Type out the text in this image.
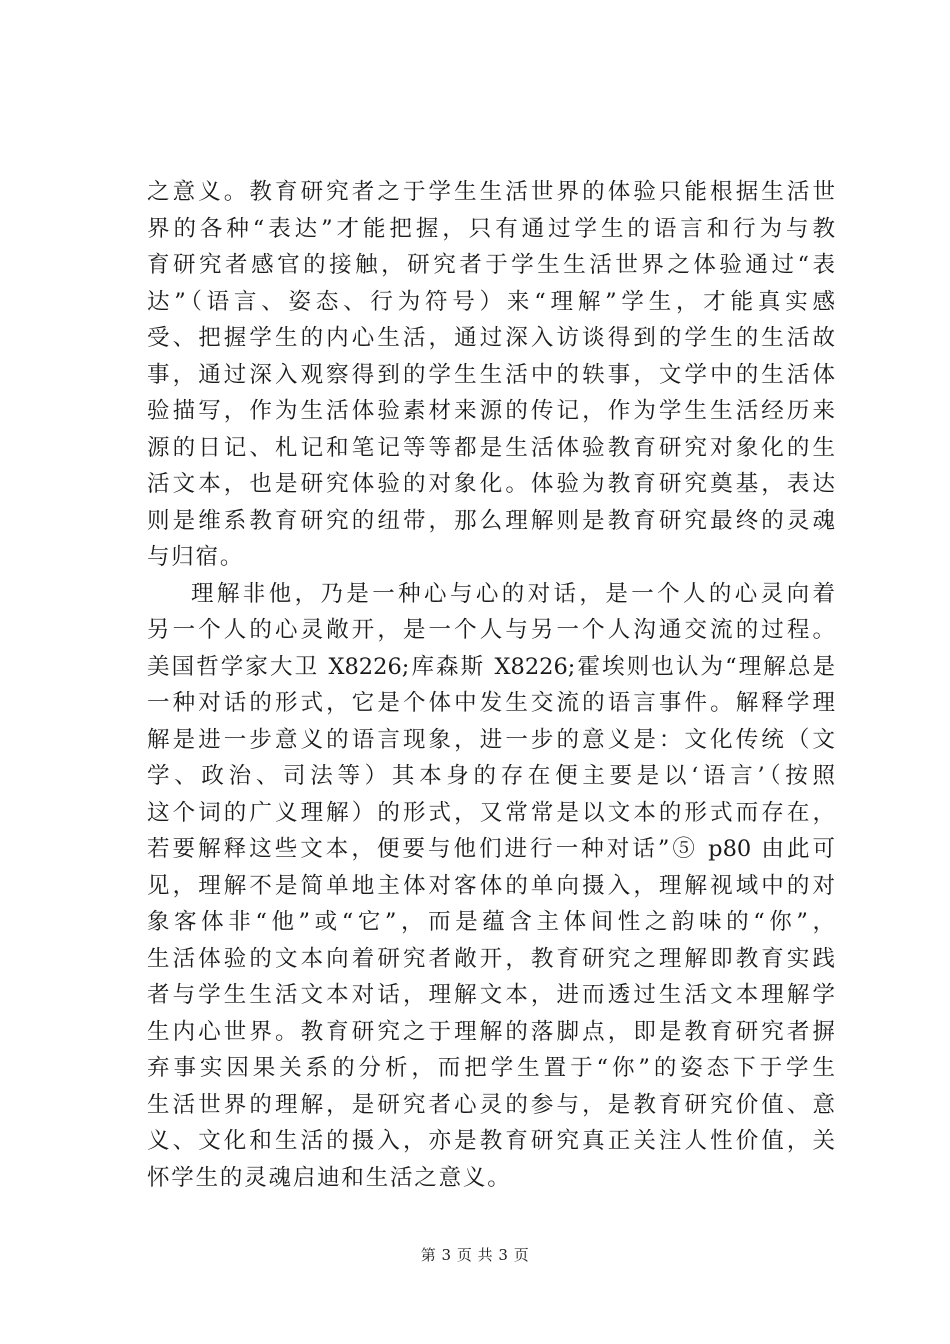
之意义。教育研究者之于学生生活世界的体验只能根据生活世
界的各种“表达”才能把握，只有通过学生的语言和行为与教
育研究者感官的接触，研究者于学生生活世界之体验通过“表
达”（语言、姿态、行为符号）来“理解”学生，才能真实感
受、把握学生的内心生活，通过深入访谈得到的学生的生活故
事，通过深入观察得到的学生生活中的轶事，文学中的生活体
验描写，作为生活体验素材来源的传记，作为学生生活经历来
源的日记、札记和笔记等等都是生活体验教育研究对象化的生
活文本，也是研究体验的对象化。体验为教育研究奠基，表达
则是维系教育研究的纽带，那么理解则是教育研究最终的灵魂
与归宿。
理解非他，乃是一种心与心的对话，是一个人的心灵向着
另一个人的心灵敞开，是一个人与另一个人沟通交流的过程。
美国哲学家大卫 X8226;库森斯 X8226;霍埃则也认为“理解总是
一种对话的形式，它是个体中发生交流的语言事件。解释学理
解是进一步意义的语言现象，进一步的意义是：文化传统（文
学、政治、司法等）其本身的存在便主要是以‘语言’（按照
这个词的广义理解）的形式，又常常是以文本的形式而存在，
若要解释这些文本，便要与他们进行一种对话”⑤ p80 由此可
见，理解不是简单地主体对客体的单向摄入，理解视域中的对
象客体非“他”或“它”，而是蕴含主体间性之韵味的“你”，
生活体验的文本向着研究者敞开，教育研究之理解即教育实践
者与学生生活文本对话，理解文本，进而透过生活文本理解学
生内心世界。教育研究之于理解的落脚点，即是教育研究者摒
弃事实因果关系的分析，而把学生置于“你”的姿态下于学生
生活世界的理解，是研究者心灵的参与，是教育研究价值、意
义、文化和生活的摄入，亦是教育研究真正关注人性价值，关
怀学生的灵魂启迪和生活之意义。
第 3 页 共 3 页
